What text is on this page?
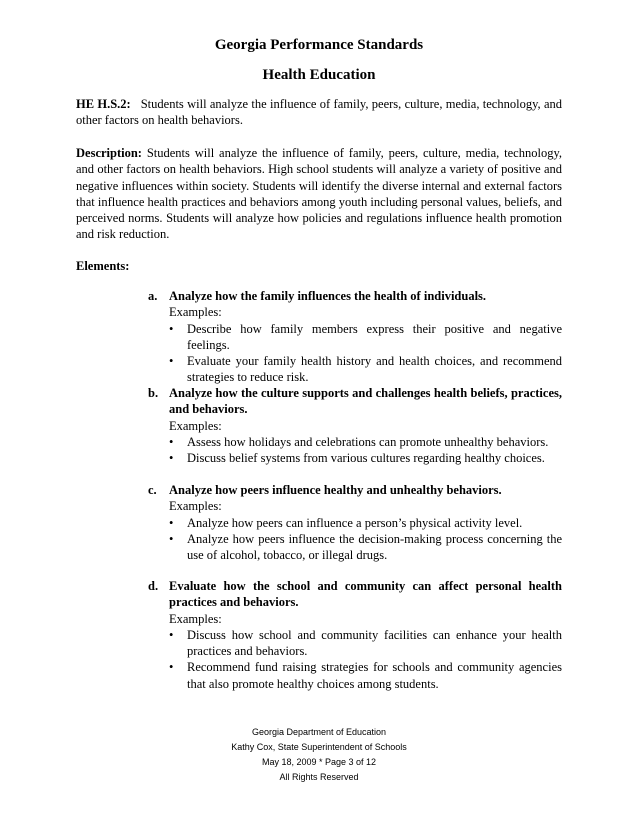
Georgia Performance Standards
Health Education
HE H.S.2: Students will analyze the influence of family, peers, culture, media, technology, and other factors on health behaviors.
Description: Students will analyze the influence of family, peers, culture, media, technology, and other factors on health behaviors. High school students will analyze a variety of positive and negative influences within society. Students will identify the diverse internal and external factors that influence health practices and behaviors among youth including personal values, beliefs, and perceived norms. Students will analyze how policies and regulations influence health promotion and risk reduction.
Elements:
a. Analyze how the family influences the health of individuals.
Examples:
•	Describe how family members express their positive and negative feelings.
•	Evaluate your family health history and health choices, and recommend strategies to reduce risk.
b. Analyze how the culture supports and challenges health beliefs, practices, and behaviors.
Examples:
•	Assess how holidays and celebrations can promote unhealthy behaviors.
•	Discuss belief systems from various cultures regarding healthy choices.
c. Analyze how peers influence healthy and unhealthy behaviors.
Examples:
•	Analyze how peers can influence a person’s physical activity level.
•	Analyze how peers influence the decision-making process concerning the use of alcohol, tobacco, or illegal drugs.
d. Evaluate how the school and community can affect personal health practices and behaviors.
Examples:
•	Discuss how school and community facilities can enhance your health practices and behaviors.
•	Recommend fund raising strategies for schools and community agencies that also promote healthy choices among students.
Georgia Department of Education
Kathy Cox, State Superintendent of Schools
May 18, 2009 * Page 3 of 12
All Rights Reserved
